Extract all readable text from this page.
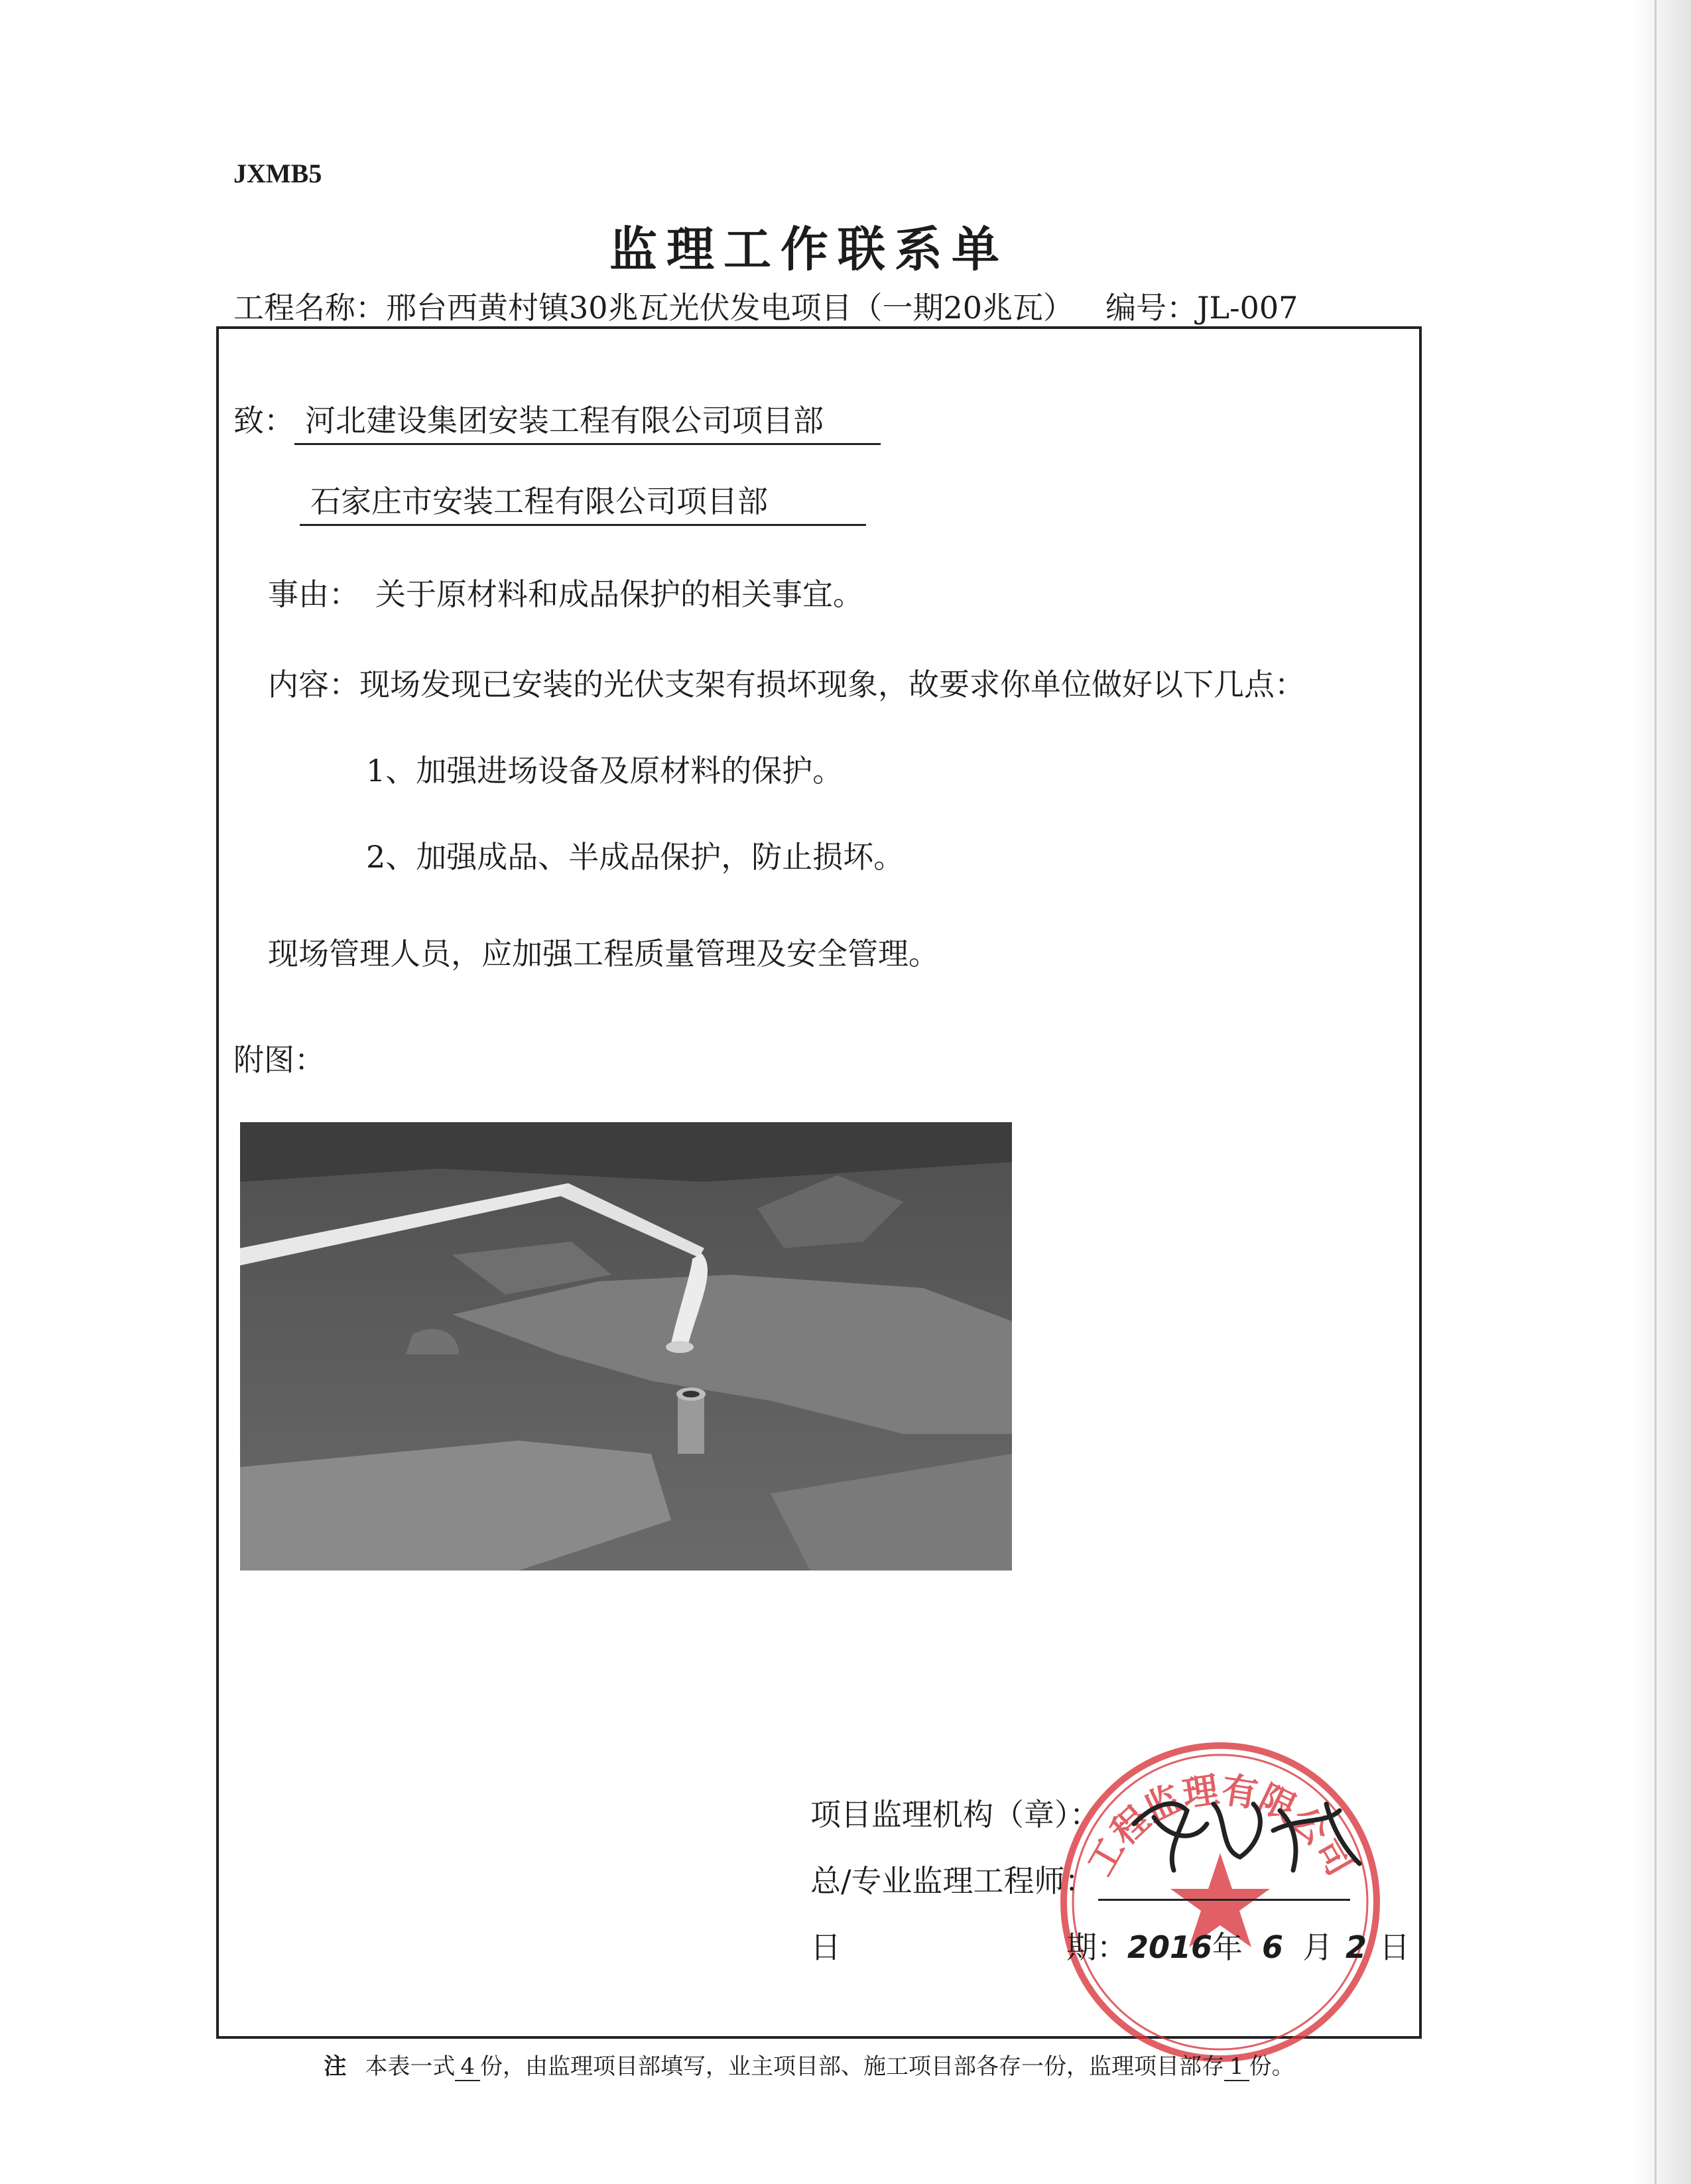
JXMB5
监理工作联系单
工程名称：邢台西黄村镇30兆瓦光伏发电项目（一期20兆瓦） 编号：JL-007
致： 河北建设集团安装工程有限公司项目部
石家庄市安装工程有限公司项目部
事由： 关于原材料和成品保护的相关事宜。
内容：现场发现已安装的光伏支架有损坏现象，故要求你单位做好以下几点：
1、加强进场设备及原材料的保护。
2、加强成品、半成品保护，防止损坏。
现场管理人员，应加强工程质量管理及安全管理。
附图：
工程监理有限公司
项目监理机构（章）：
总/专业监理工程师：
日	期：2016年 6 月 2 日
注 本表一式 4 份，由监理项目部填写，业主项目部、施工项目部各存一份，监理项目部存 1 份。
